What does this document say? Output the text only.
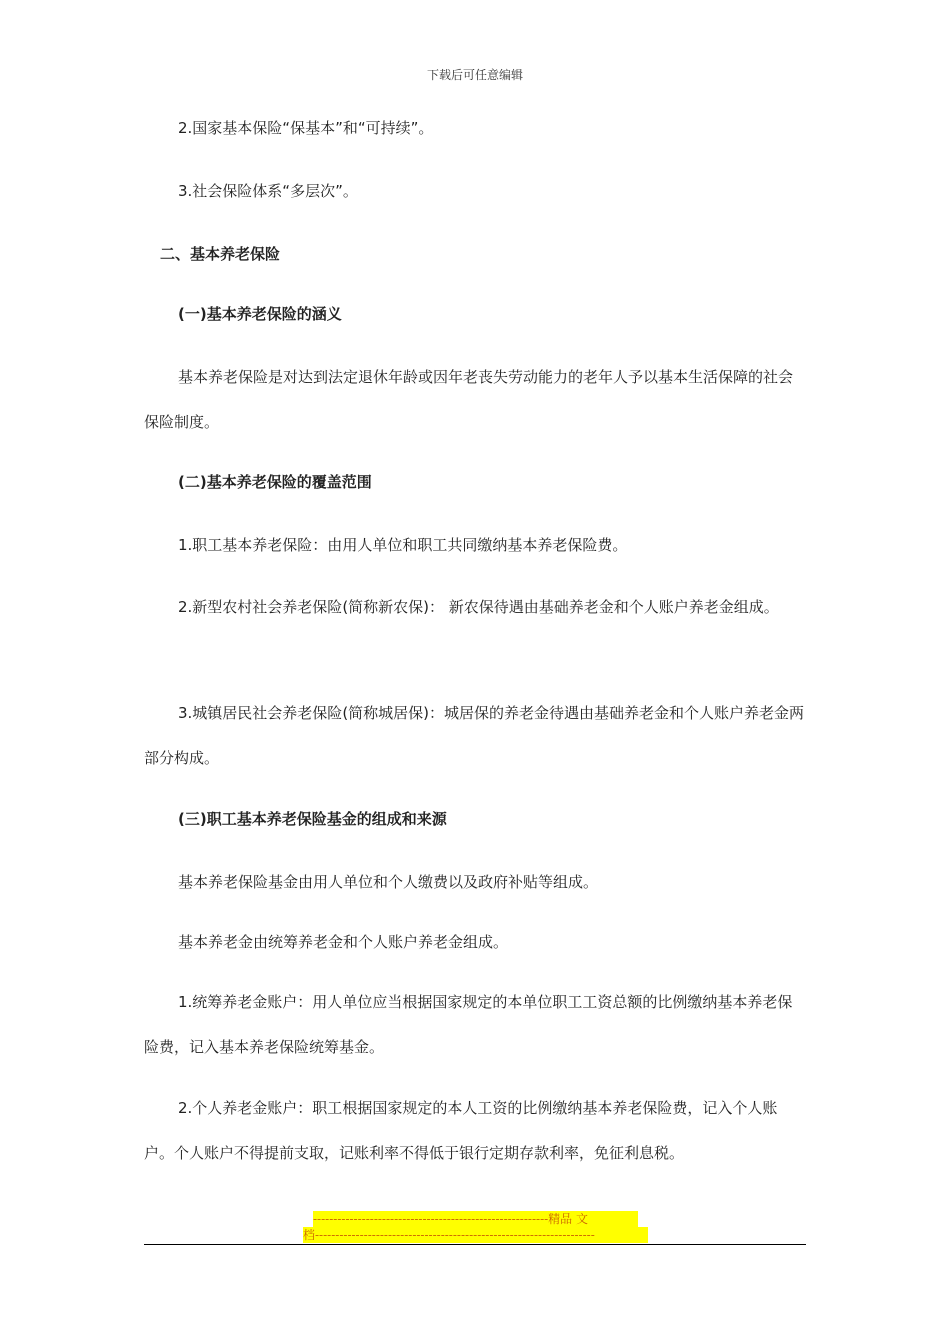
下载后可任意编辑
2.国家基本保险“保基本”和“可持续”。
3.社会保险体系“多层次”。
二、基本养老保险
(一)基本养老保险的涵义
基本养老保险是对达到法定退休年龄或因年老丧失劳动能力的老年人予以基本生活保障的社会保险制度。
(二)基本养老保险的覆盖范围
1.职工基本养老保险：由用人单位和职工共同缴纳基本养老保险费。
2.新型农村社会养老保险(简称新农保)： 新农保待遇由基础养老金和个人账户养老金组成。
3.城镇居民社会养老保险(简称城居保)：城居保的养老金待遇由基础养老金和个人账户养老金两部分构成。
(三)职工基本养老保险基金的组成和来源
基本养老保险基金由用人单位和个人缴费以及政府补贴等组成。
基本养老金由统筹养老金和个人账户养老金组成。
1.统筹养老金账户：用人单位应当根据国家规定的本单位职工工资总额的比例缴纳基本养老保险费，记入基本养老保险统筹基金。
2.个人养老金账户：职工根据国家规定的本人工资的比例缴纳基本养老保险费，记入个人账户。个人账户不得提前支取，记账利率不得低于银行定期存款利率，免征利息税。
----------------------------------------------------------精品 文
档---------------------------------------------------------------------
